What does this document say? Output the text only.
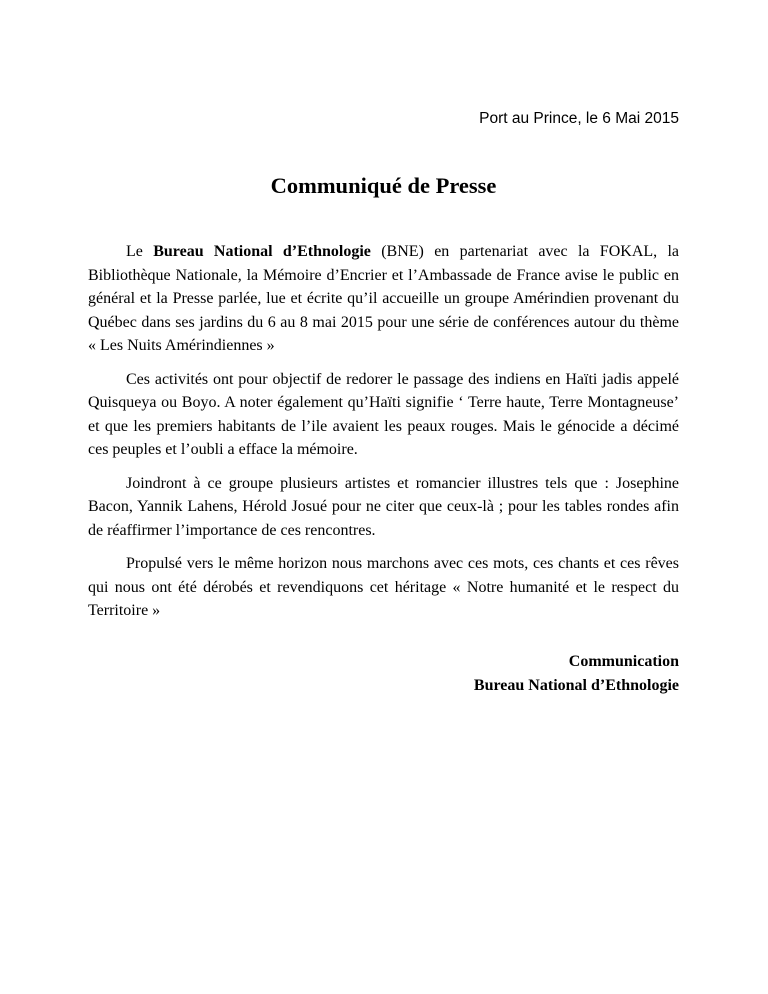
Port au Prince, le 6 Mai 2015
Communiqué de Presse

Le Bureau National d’Ethnologie (BNE) en partenariat avec la FOKAL, la Bibliothèque Nationale, la Mémoire d’Encrier et l’Ambassade de France avise le public en général et la Presse parlée, lue et écrite qu’il accueille un groupe Amérindien provenant du Québec dans ses jardins du 6 au 8 mai 2015 pour une série de conférences autour du thème « Les Nuits Amérindiennes »

Ces activités ont pour objectif de redorer le passage des indiens en Haïti jadis appelé Quisqueya ou Boyo. A noter également qu’Haïti signifie ‘ Terre haute, Terre Montagneuse’ et que les premiers habitants de l’ile avaient les peaux rouges. Mais le génocide a décimé ces peuples et l’oubli a efface la mémoire.

Joindront à ce groupe plusieurs artistes et romancier illustres tels que : Josephine Bacon, Yannik Lahens, Hérold Josué pour ne citer que ceux-là ; pour les tables rondes afin de réaffirmer l’importance de ces rencontres.

Propulsé vers le même horizon nous marchons avec ces mots, ces chants et ces rêves qui nous ont été dérobés et revendiquons cet héritage « Notre humanité et le respect du Territoire »

Communication
Bureau National d’Ethnologie
